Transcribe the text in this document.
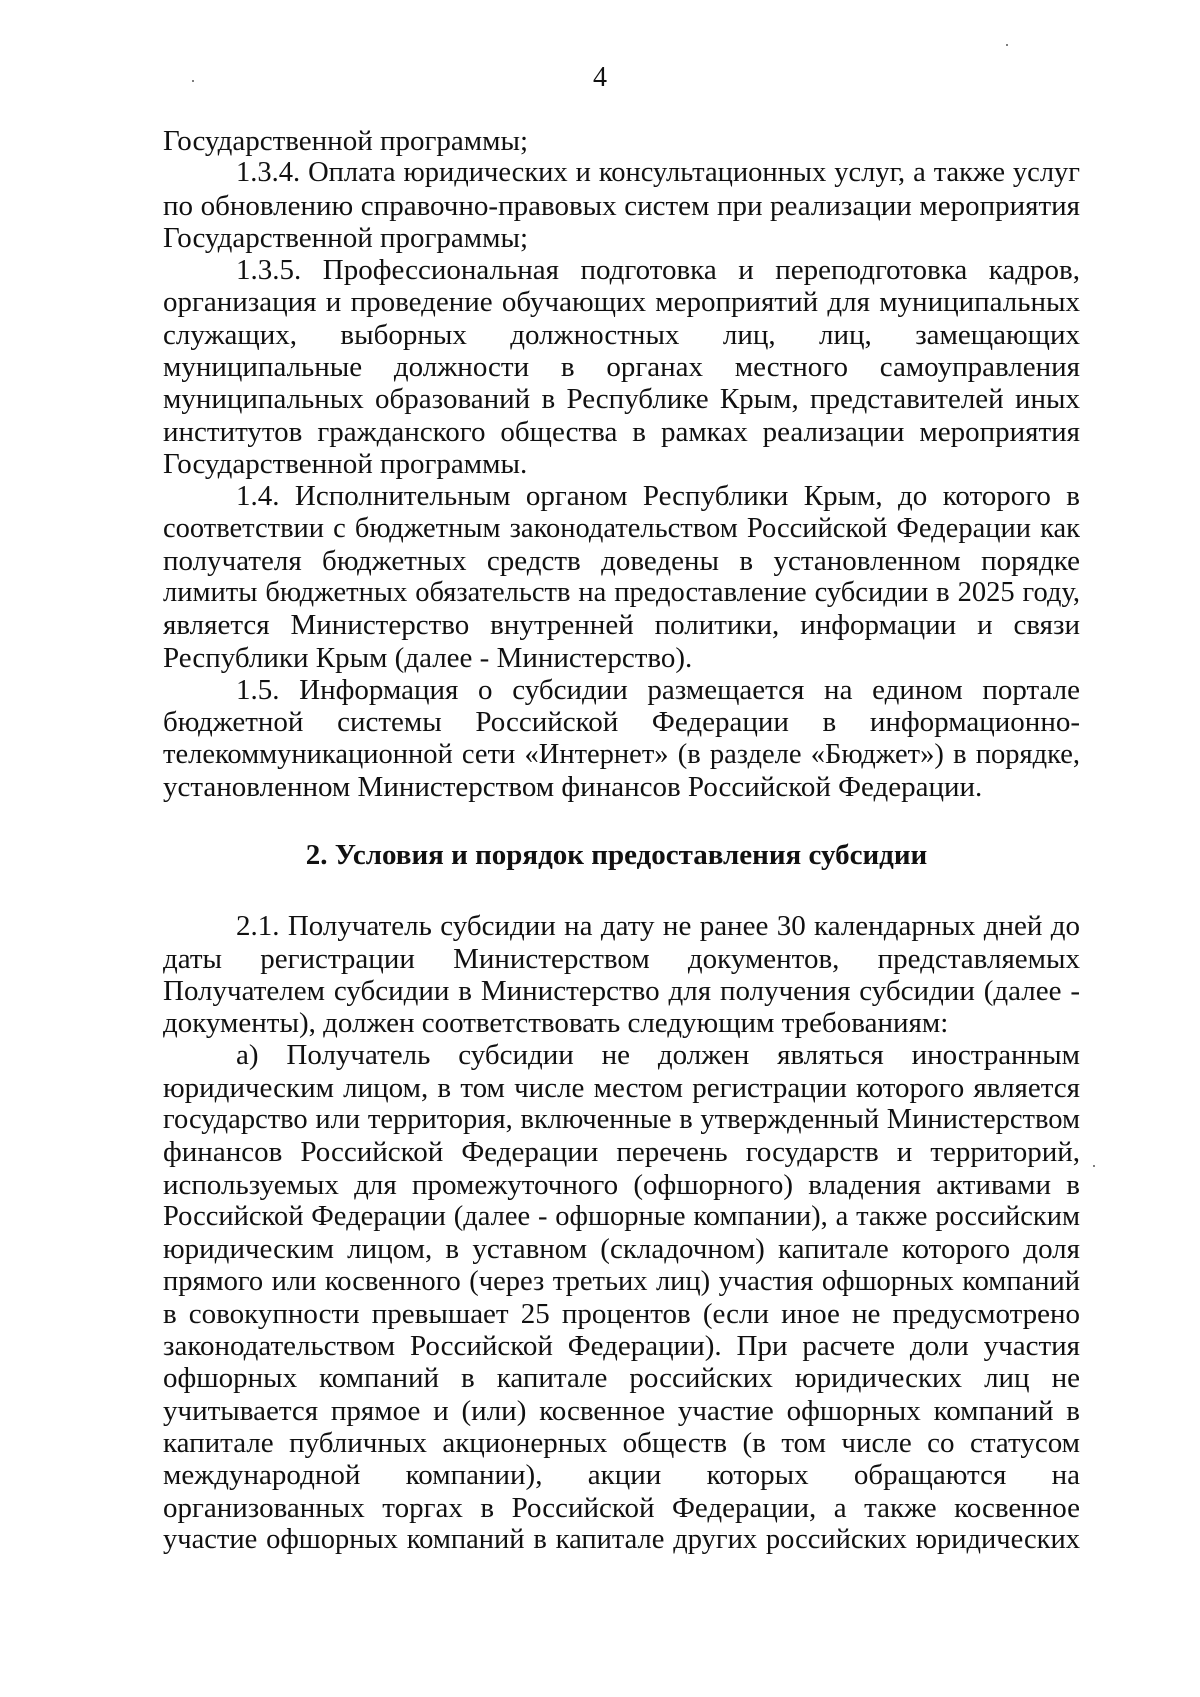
4
Государственной программы;
1.3.4. Оплата юридических и консультационных услуг, а также услуг
по обновлению справочно-правовых систем при реализации мероприятия
Государственной программы;
1.3.5. Профессиональная подготовка и переподготовка кадров,
организация и проведение обучающих мероприятий для муниципальных
служащих, выборных должностных лиц, лиц, замещающих
муниципальные должности в органах местного самоуправления
муниципальных образований в Республике Крым, представителей иных
институтов гражданского общества в рамках реализации мероприятия
Государственной программы.
1.4. Исполнительным органом Республики Крым, до которого в
соответствии с бюджетным законодательством Российской Федерации как
получателя бюджетных средств доведены в установленном порядке
лимиты бюджетных обязательств на предоставление субсидии в 2025 году,
является Министерство внутренней политики, информации и связи
Республики Крым (далее - Министерство).
1.5. Информация о субсидии размещается на едином портале
бюджетной системы Российской Федерации в информационно-
телекоммуникационной сети «Интернет» (в разделе «Бюджет») в порядке,
установленном Министерством финансов Российской Федерации.
2. Условия и порядок предоставления субсидии
2.1. Получатель субсидии на дату не ранее 30 календарных дней до
даты регистрации Министерством документов, представляемых
Получателем субсидии в Министерство для получения субсидии (далее -
документы), должен соответствовать следующим требованиям:
а) Получатель субсидии не должен являться иностранным
юридическим лицом, в том числе местом регистрации которого является
государство или территория, включенные в утвержденный Министерством
финансов Российской Федерации перечень государств и территорий,
используемых для промежуточного (офшорного) владения активами в
Российской Федерации (далее - офшорные компании), а также российским
юридическим лицом, в уставном (складочном) капитале которого доля
прямого или косвенного (через третьих лиц) участия офшорных компаний
в совокупности превышает 25 процентов (если иное не предусмотрено
законодательством Российской Федерации). При расчете доли участия
офшорных компаний в капитале российских юридических лиц не
учитывается прямое и (или) косвенное участие офшорных компаний в
капитале публичных акционерных обществ (в том числе со статусом
международной компании), акции которых обращаются на
организованных торгах в Российской Федерации, а также косвенное
участие офшорных компаний в капитале других российских юридических
